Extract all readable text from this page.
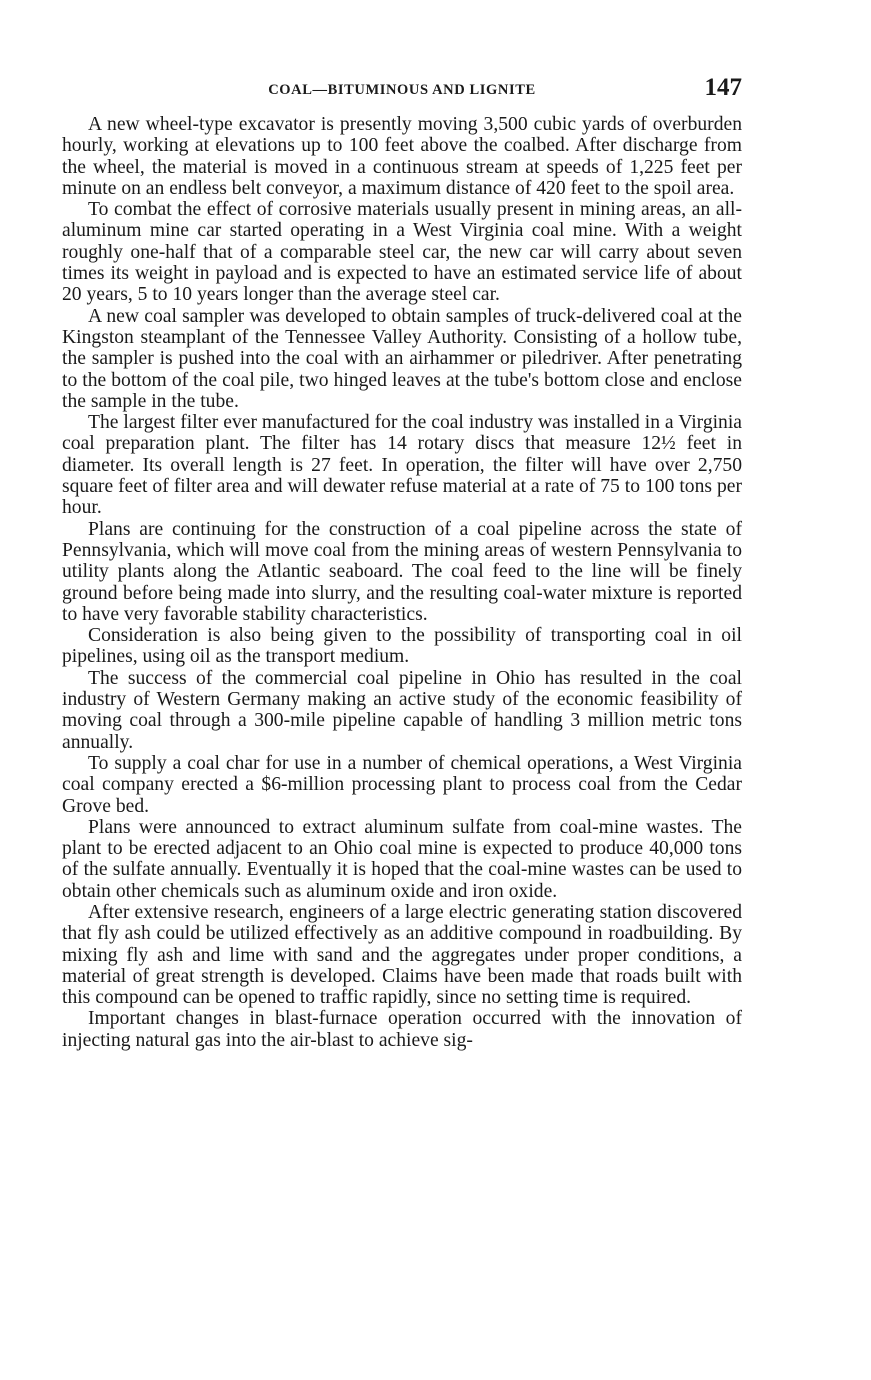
COAL—BITUMINOUS AND LIGNITE	147

A new wheel-type excavator is presently moving 3,500 cubic yards of overburden hourly, working at elevations up to 100 feet above the coalbed. After discharge from the wheel, the material is moved in a continuous stream at speeds of 1,225 feet per minute on an endless belt conveyor, a maximum distance of 420 feet to the spoil area.

To combat the effect of corrosive materials usually present in mining areas, an all-aluminum mine car started operating in a West Virginia coal mine. With a weight roughly one-half that of a comparable steel car, the new car will carry about seven times its weight in payload and is expected to have an estimated service life of about 20 years, 5 to 10 years longer than the average steel car.

A new coal sampler was developed to obtain samples of truck-delivered coal at the Kingston steamplant of the Tennessee Valley Authority. Consisting of a hollow tube, the sampler is pushed into the coal with an airhammer or piledriver. After penetrating to the bottom of the coal pile, two hinged leaves at the tube's bottom close and enclose the sample in the tube.

The largest filter ever manufactured for the coal industry was installed in a Virginia coal preparation plant. The filter has 14 rotary discs that measure 12½ feet in diameter. Its overall length is 27 feet. In operation, the filter will have over 2,750 square feet of filter area and will dewater refuse material at a rate of 75 to 100 tons per hour.

Plans are continuing for the construction of a coal pipeline across the state of Pennsylvania, which will move coal from the mining areas of western Pennsylvania to utility plants along the Atlantic seaboard. The coal feed to the line will be finely ground before being made into slurry, and the resulting coal-water mixture is reported to have very favorable stability characteristics.

Consideration is also being given to the possibility of transporting coal in oil pipelines, using oil as the transport medium.

The success of the commercial coal pipeline in Ohio has resulted in the coal industry of Western Germany making an active study of the economic feasibility of moving coal through a 300-mile pipeline capable of handling 3 million metric tons annually.

To supply a coal char for use in a number of chemical operations, a West Virginia coal company erected a $6-million processing plant to process coal from the Cedar Grove bed.

Plans were announced to extract aluminum sulfate from coal-mine wastes. The plant to be erected adjacent to an Ohio coal mine is expected to produce 40,000 tons of the sulfate annually. Eventually it is hoped that the coal-mine wastes can be used to obtain other chemicals such as aluminum oxide and iron oxide.

After extensive research, engineers of a large electric generating station discovered that fly ash could be utilized effectively as an additive compound in roadbuilding. By mixing fly ash and lime with sand and the aggregates under proper conditions, a material of great strength is developed. Claims have been made that roads built with this compound can be opened to traffic rapidly, since no setting time is required.

Important changes in blast-furnace operation occurred with the innovation of injecting natural gas into the air-blast to achieve sig-
